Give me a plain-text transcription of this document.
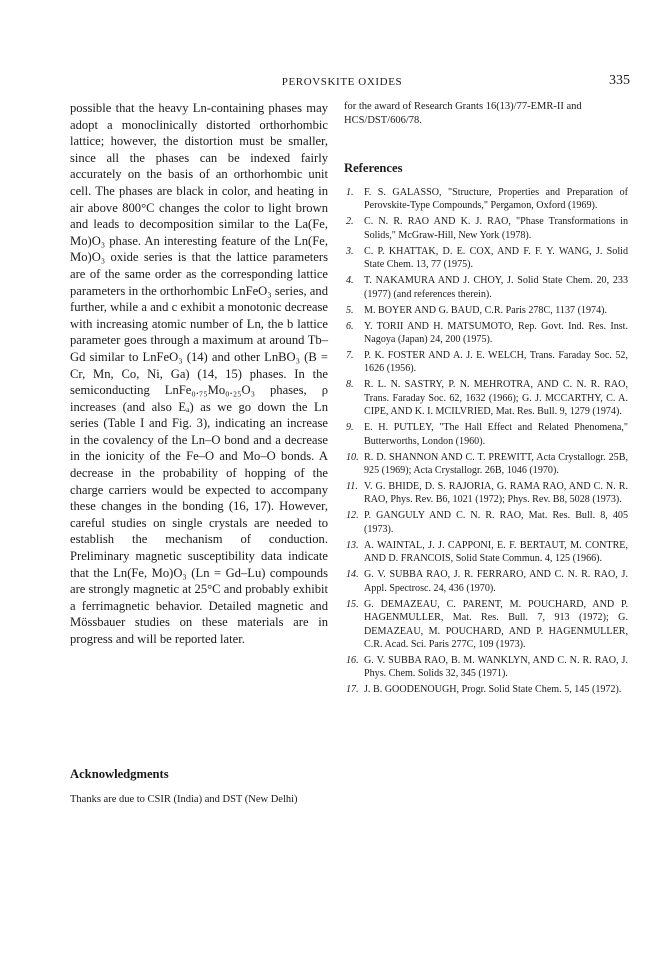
PEROVSKITE OXIDES	335

possible that the heavy Ln-containing phases may adopt a monoclinically distorted orthorhombic lattice; however, the distortion must be smaller, since all the phases can be indexed fairly accurately on the basis of an orthorhombic unit cell. The phases are black in color, and heating in air above 800°C changes the color to light brown and leads to decomposition similar to the La(Fe, Mo)O₃ phase. An interesting feature of the Ln(Fe, Mo)O₃ oxide series is that the lattice parameters are of the same order as the corresponding lattice parameters in the orthorhombic LnFeO₃ series, and further, while a and c exhibit a monotonic decrease with increasing atomic number of Ln, the b lattice parameter goes through a maximum at around Tb–Gd similar to LnFeO₃ (14) and other LnBO₃ (B = Cr, Mn, Co, Ni, Ga) (14, 15) phases. In the semiconducting LnFe₀.₇₅Mo₀.₂₅O₃ phases, ρ increases (and also Eₐ) as we go down the Ln series (Table I and Fig. 3), indicating an increase in the covalency of the Ln–O bond and a decrease in the ionicity of the Fe–O and Mo–O bonds. A decrease in the probability of hopping of the charge carriers would be expected to accompany these changes in the bonding (16, 17). However, careful studies on single crystals are needed to establish the mechanism of conduction. Preliminary magnetic susceptibility data indicate that the Ln(Fe, Mo)O₃ (Ln = Gd–Lu) compounds are strongly magnetic at 25°C and probably exhibit a ferrimagnetic behavior. Detailed magnetic and Mössbauer studies on these materials are in progress and will be reported later.

Acknowledgments
Thanks are due to CSIR (India) and DST (New Delhi)

for the award of Research Grants 16(13)/77-EMR-II and HCS/DST/606/78.

References
1. F. S. GALASSO, "Structure, Properties and Preparation of Perovskite-Type Compounds," Pergamon, Oxford (1969).
2. C. N. R. RAO AND K. J. RAO, "Phase Transformations in Solids," McGraw-Hill, New York (1978).
3. C. P. KHATTAK, D. E. COX, AND F. F. Y. WANG, J. Solid State Chem. 13, 77 (1975).
4. T. NAKAMURA AND J. CHOY, J. Solid State Chem. 20, 233 (1977) (and references therein).
5. M. BOYER AND G. BAUD, C.R. Paris 278C, 1137 (1974).
6. Y. TORII AND H. MATSUMOTO, Rep. Govt. Ind. Res. Inst. Nagoya (Japan) 24, 200 (1975).
7. P. K. FOSTER AND A. J. E. WELCH, Trans. Faraday Soc. 52, 1626 (1956).
8. R. L. N. SASTRY, P. N. MEHROTRA, AND C. N. R. RAO, Trans. Faraday Soc. 62, 1632 (1966); G. J. MCCARTHY, C. A. CIPE, AND K. I. MCILVRIED, Mat. Res. Bull. 9, 1279 (1974).
9. E. H. PUTLEY, "The Hall Effect and Related Phenomena," Butterworths, London (1960).
10. R. D. SHANNON AND C. T. PREWITT, Acta Crystallogr. 25B, 925 (1969); Acta Crystallogr. 26B, 1046 (1970).
11. V. G. BHIDE, D. S. RAJORIA, G. RAMA RAO, AND C. N. R. RAO, Phys. Rev. B6, 1021 (1972); Phys. Rev. B8, 5028 (1973).
12. P. GANGULY AND C. N. R. RAO, Mat. Res. Bull. 8, 405 (1973).
13. A. WAINTAL, J. J. CAPPONI, E. F. BERTAUT, M. CONTRE, AND D. FRANCOIS, Solid State Commun. 4, 125 (1966).
14. G. V. SUBBA RAO, J. R. FERRARO, AND C. N. R. RAO, J. Appl. Spectrosc. 24, 436 (1970).
15. G. DEMAZEAU, C. PARENT, M. POUCHARD, AND P. HAGENMULLER, Mat. Res. Bull. 7, 913 (1972); G. DEMAZEAU, M. POUCHARD, AND P. HAGENMULLER, C.R. Acad. Sci. Paris 277C, 109 (1973).
16. G. V. SUBBA RAO, B. M. WANKLYN, AND C. N. R. RAO, J. Phys. Chem. Solids 32, 345 (1971).
17. J. B. GOODENOUGH, Progr. Solid State Chem. 5, 145 (1972).
